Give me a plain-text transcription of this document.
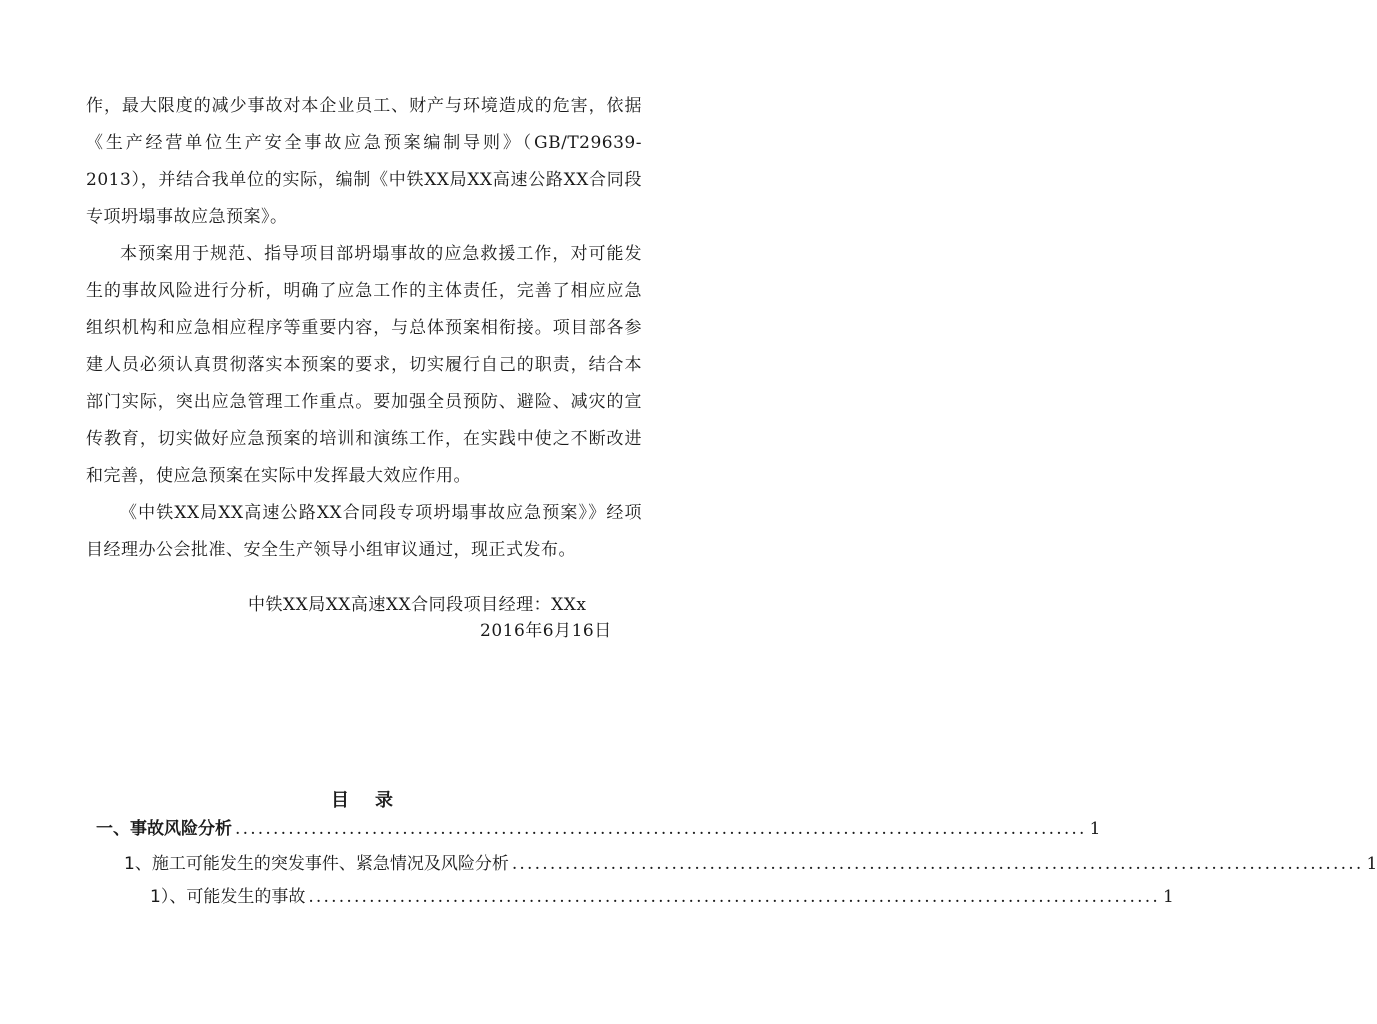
作，最大限度的减少事故对本企业员工、财产与环境造成的危害，依据《生产经营单位生产安全事故应急预案编制导则》（GB/T29639-2013），并结合我单位的实际，编制《中铁XX局XX高速公路XX合同段专项坍塌事故应急预案》。

本预案用于规范、指导项目部坍塌事故的应急救援工作，对可能发生的事故风险进行分析，明确了应急工作的主体责任，完善了相应应急组织机构和应急相应程序等重要内容，与总体预案相衔接。项目部各参建人员必须认真贯彻落实本预案的要求，切实履行自己的职责，结合本部门实际，突出应急管理工作重点。要加强全员预防、避险、减灾的宣传教育，切实做好应急预案的培训和演练工作，在实践中使之不断改进和完善，使应急预案在实际中发挥最大效应作用。

《中铁XX局XX高速公路XX合同段专项坍塌事故应急预案》》经项目经理办公会批准、安全生产领导小组审议通过，现正式发布。

中铁XX局XX高速XX合同段项目经理：XXx
2016年6月16日
目录
一、事故风险分析 ................................................................................................................ 1
1、施工可能发生的突发事件、紧急情况及风险分析 ................................................................................................................ 1
1）、可能发生的事故 ................................................................................................................ 1
